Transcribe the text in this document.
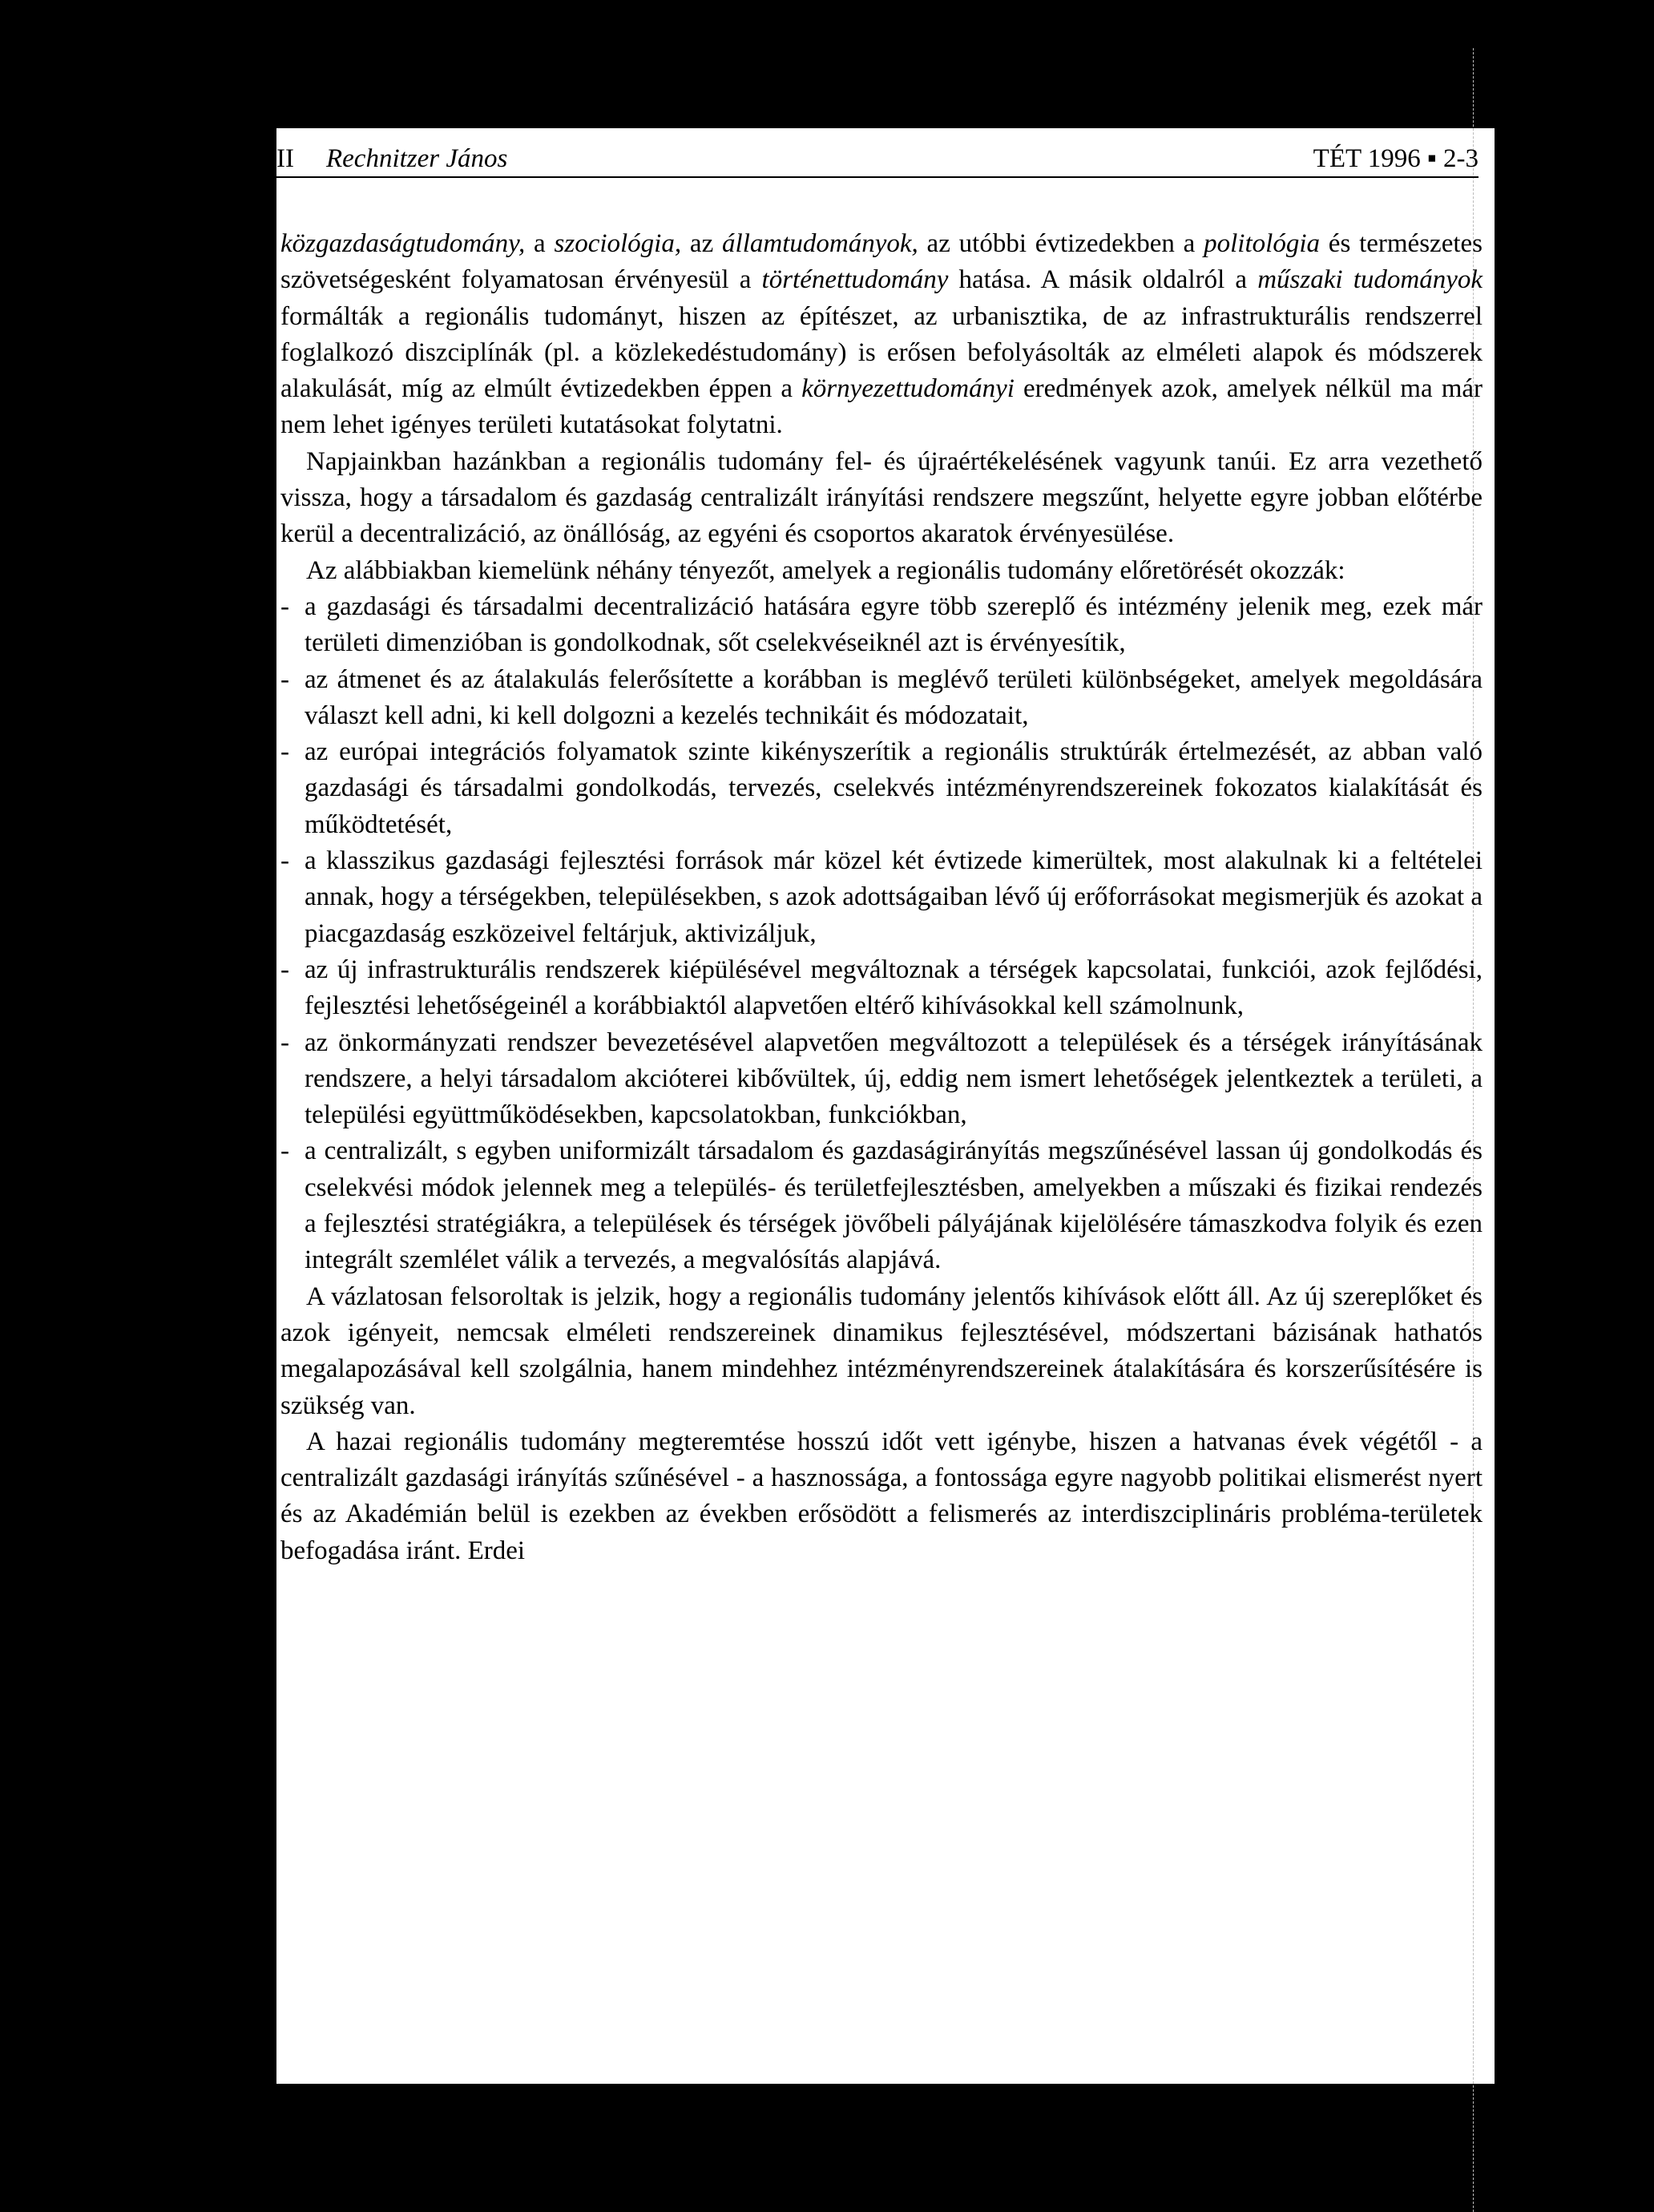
II Rechnitzer János	TÉT 1996 ▪ 2-3

közgazdaságtudomány, a szociológia, az államtudományok, az utóbbi évtizedekben a politológia és természetes szövetségesként folyamatosan érvényesül a történettudomány hatása. A másik oldalról a műszaki tudományok formálták a regionális tudományt, hiszen az építészet, az urbanisztika, de az infrastrukturális rendszerrel foglalkozó diszciplínák (pl. a közlekedéstudomány) is erősen befolyásolták az elméleti alapok és módszerek alakulását, míg az elmúlt évtizedekben éppen a környezettudományi eredmények azok, amelyek nélkül ma már nem lehet igényes területi kutatásokat folytatni.

Napjainkban hazánkban a regionális tudomány fel- és újraértékelésének vagyunk tanúi. Ez arra vezethető vissza, hogy a társadalom és gazdaság centralizált irányítási rendszere megszűnt, helyette egyre jobban előtérbe kerül a decentralizáció, az önállóság, az egyéni és csoportos akaratok érvényesülése.

Az alábbiakban kiemelünk néhány tényezőt, amelyek a regionális tudomány előretörését okozzák:

- a gazdasági és társadalmi decentralizáció hatására egyre több szereplő és intézmény jelenik meg, ezek már területi dimenzióban is gondolkodnak, sőt cselekvéseiknél azt is érvényesítik,
- az átmenet és az átalakulás felerősítette a korábban is meglévő területi különbségeket, amelyek megoldására választ kell adni, ki kell dolgozni a kezelés technikáit és módozatait,
- az európai integrációs folyamatok szinte kikényszerítik a regionális struktúrák értelmezését, az abban való gazdasági és társadalmi gondolkodás, tervezés, cselekvés intézményrendszereinek fokozatos kialakítását és működtetését,
- a klasszikus gazdasági fejlesztési források már közel két évtizede kimerültek, most alakulnak ki a feltételei annak, hogy a térségekben, településekben, s azok adottságaiban lévő új erőforrásokat megismerjük és azokat a piacgazdaság eszközeivel feltárjuk, aktivizáljuk,
- az új infrastrukturális rendszerek kiépülésével megváltoznak a térségek kapcsolatai, funkciói, azok fejlődési, fejlesztési lehetőségeinél a korábbiaktól alapvetően eltérő kihívásokkal kell számolnunk,
- az önkormányzati rendszer bevezetésével alapvetően megváltozott a települések és a térségek irányításának rendszere, a helyi társadalom akcióterei kibővültek, új, eddig nem ismert lehetőségek jelentkeztek a területi, a települési együttműködésekben, kapcsolatokban, funkciókban,
- a centralizált, s egyben uniformizált társadalom és gazdaságirányítás megszűnésével lassan új gondolkodás és cselekvési módok jelennek meg a település- és területfejlesztésben, amelyekben a műszaki és fizikai rendezés a fejlesztési stratégiákra, a települések és térségek jövőbeli pályájának kijelölésére támaszkodva folyik és ezen integrált szemlélet válik a tervezés, a megvalósítás alapjává.

A vázlatosan felsoroltak is jelzik, hogy a regionális tudomány jelentős kihívások előtt áll. Az új szereplőket és azok igényeit, nemcsak elméleti rendszereinek dinamikus fejlesztésével, módszertani bázisának hathatós megalapozásával kell szolgálnia, hanem mindehhez intézményrendszereinek átalakítására és korszerűsítésére is szükség van.

A hazai regionális tudomány megteremtése hosszú időt vett igénybe, hiszen a hatvanas évek végétől - a centralizált gazdasági irányítás szűnésével - a hasznossága, a fontossága egyre nagyobb politikai elismerést nyert és az Akadémián belül is ezekben az években erősödött a felismerés az interdiszciplináris probléma-területek befogadása iránt. Erdei
